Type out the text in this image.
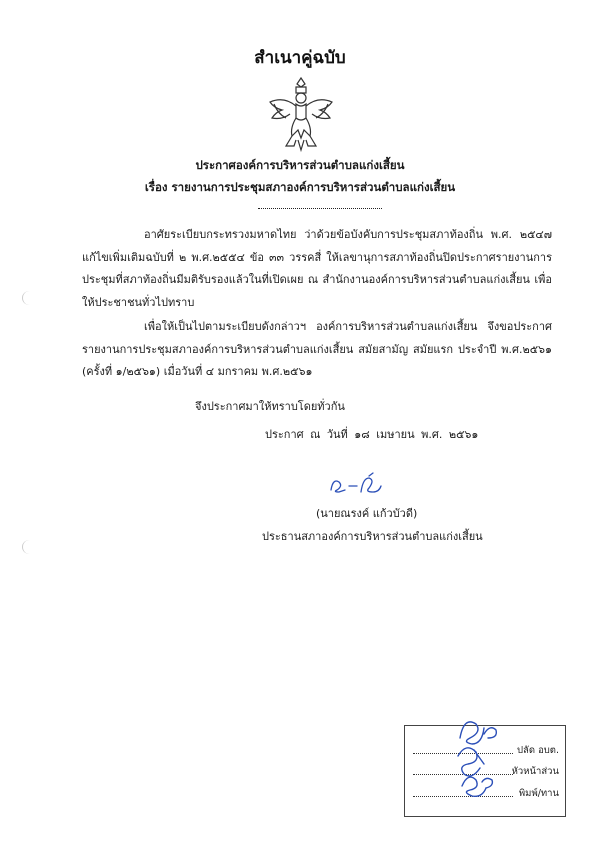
สำเนาคู่ฉบับ
ประกาศองค์การบริหารส่วนตำบลแก่งเสี้ยน
เรื่อง รายงานการประชุมสภาองค์การบริหารส่วนตำบลแก่งเสี้ยน
อาศัยระเบียบกระทรวงมหาดไทย ว่าด้วยข้อบังคับการประชุมสภาท้องถิ่น พ.ศ. ๒๕๔๗ แก้ไขเพิ่มเติมฉบับที่ ๒ พ.ศ.๒๕๕๔ ข้อ ๓๓ วรรคสี่ ให้เลขานุการสภาท้องถิ่นปิดประกาศรายงานการประชุมที่สภาท้องถิ่นมีมติรับรองแล้วในที่เปิดเผย ณ สำนักงานองค์การบริหารส่วนตำบลแก่งเสี้ยน เพื่อให้ประชาชนทั่วไปทราบ
เพื่อให้เป็นไปตามระเบียบดังกล่าวฯ องค์การบริหารส่วนตำบลแก่งเสี้ยน จึงขอประกาศรายงานการประชุมสภาองค์การบริหารส่วนตำบลแก่งเสี้ยน สมัยสามัญ สมัยแรก ประจำปี พ.ศ.๒๕๖๑ (ครั้งที่ ๑/๒๕๖๑) เมื่อวันที่ ๔ มกราคม พ.ศ.๒๕๖๑
จึงประกาศมาให้ทราบโดยทั่วกัน
ประกาศ ณ วันที่ ๑๘ เมษายน พ.ศ. ๒๕๖๑
(นายณรงค์ แก้วบัวดี)
ประธานสภาองค์การบริหารส่วนตำบลแก่งเสี้ยน
ปลัด อบต.
หัวหน้าส่วน
พิมพ์/ทาน
